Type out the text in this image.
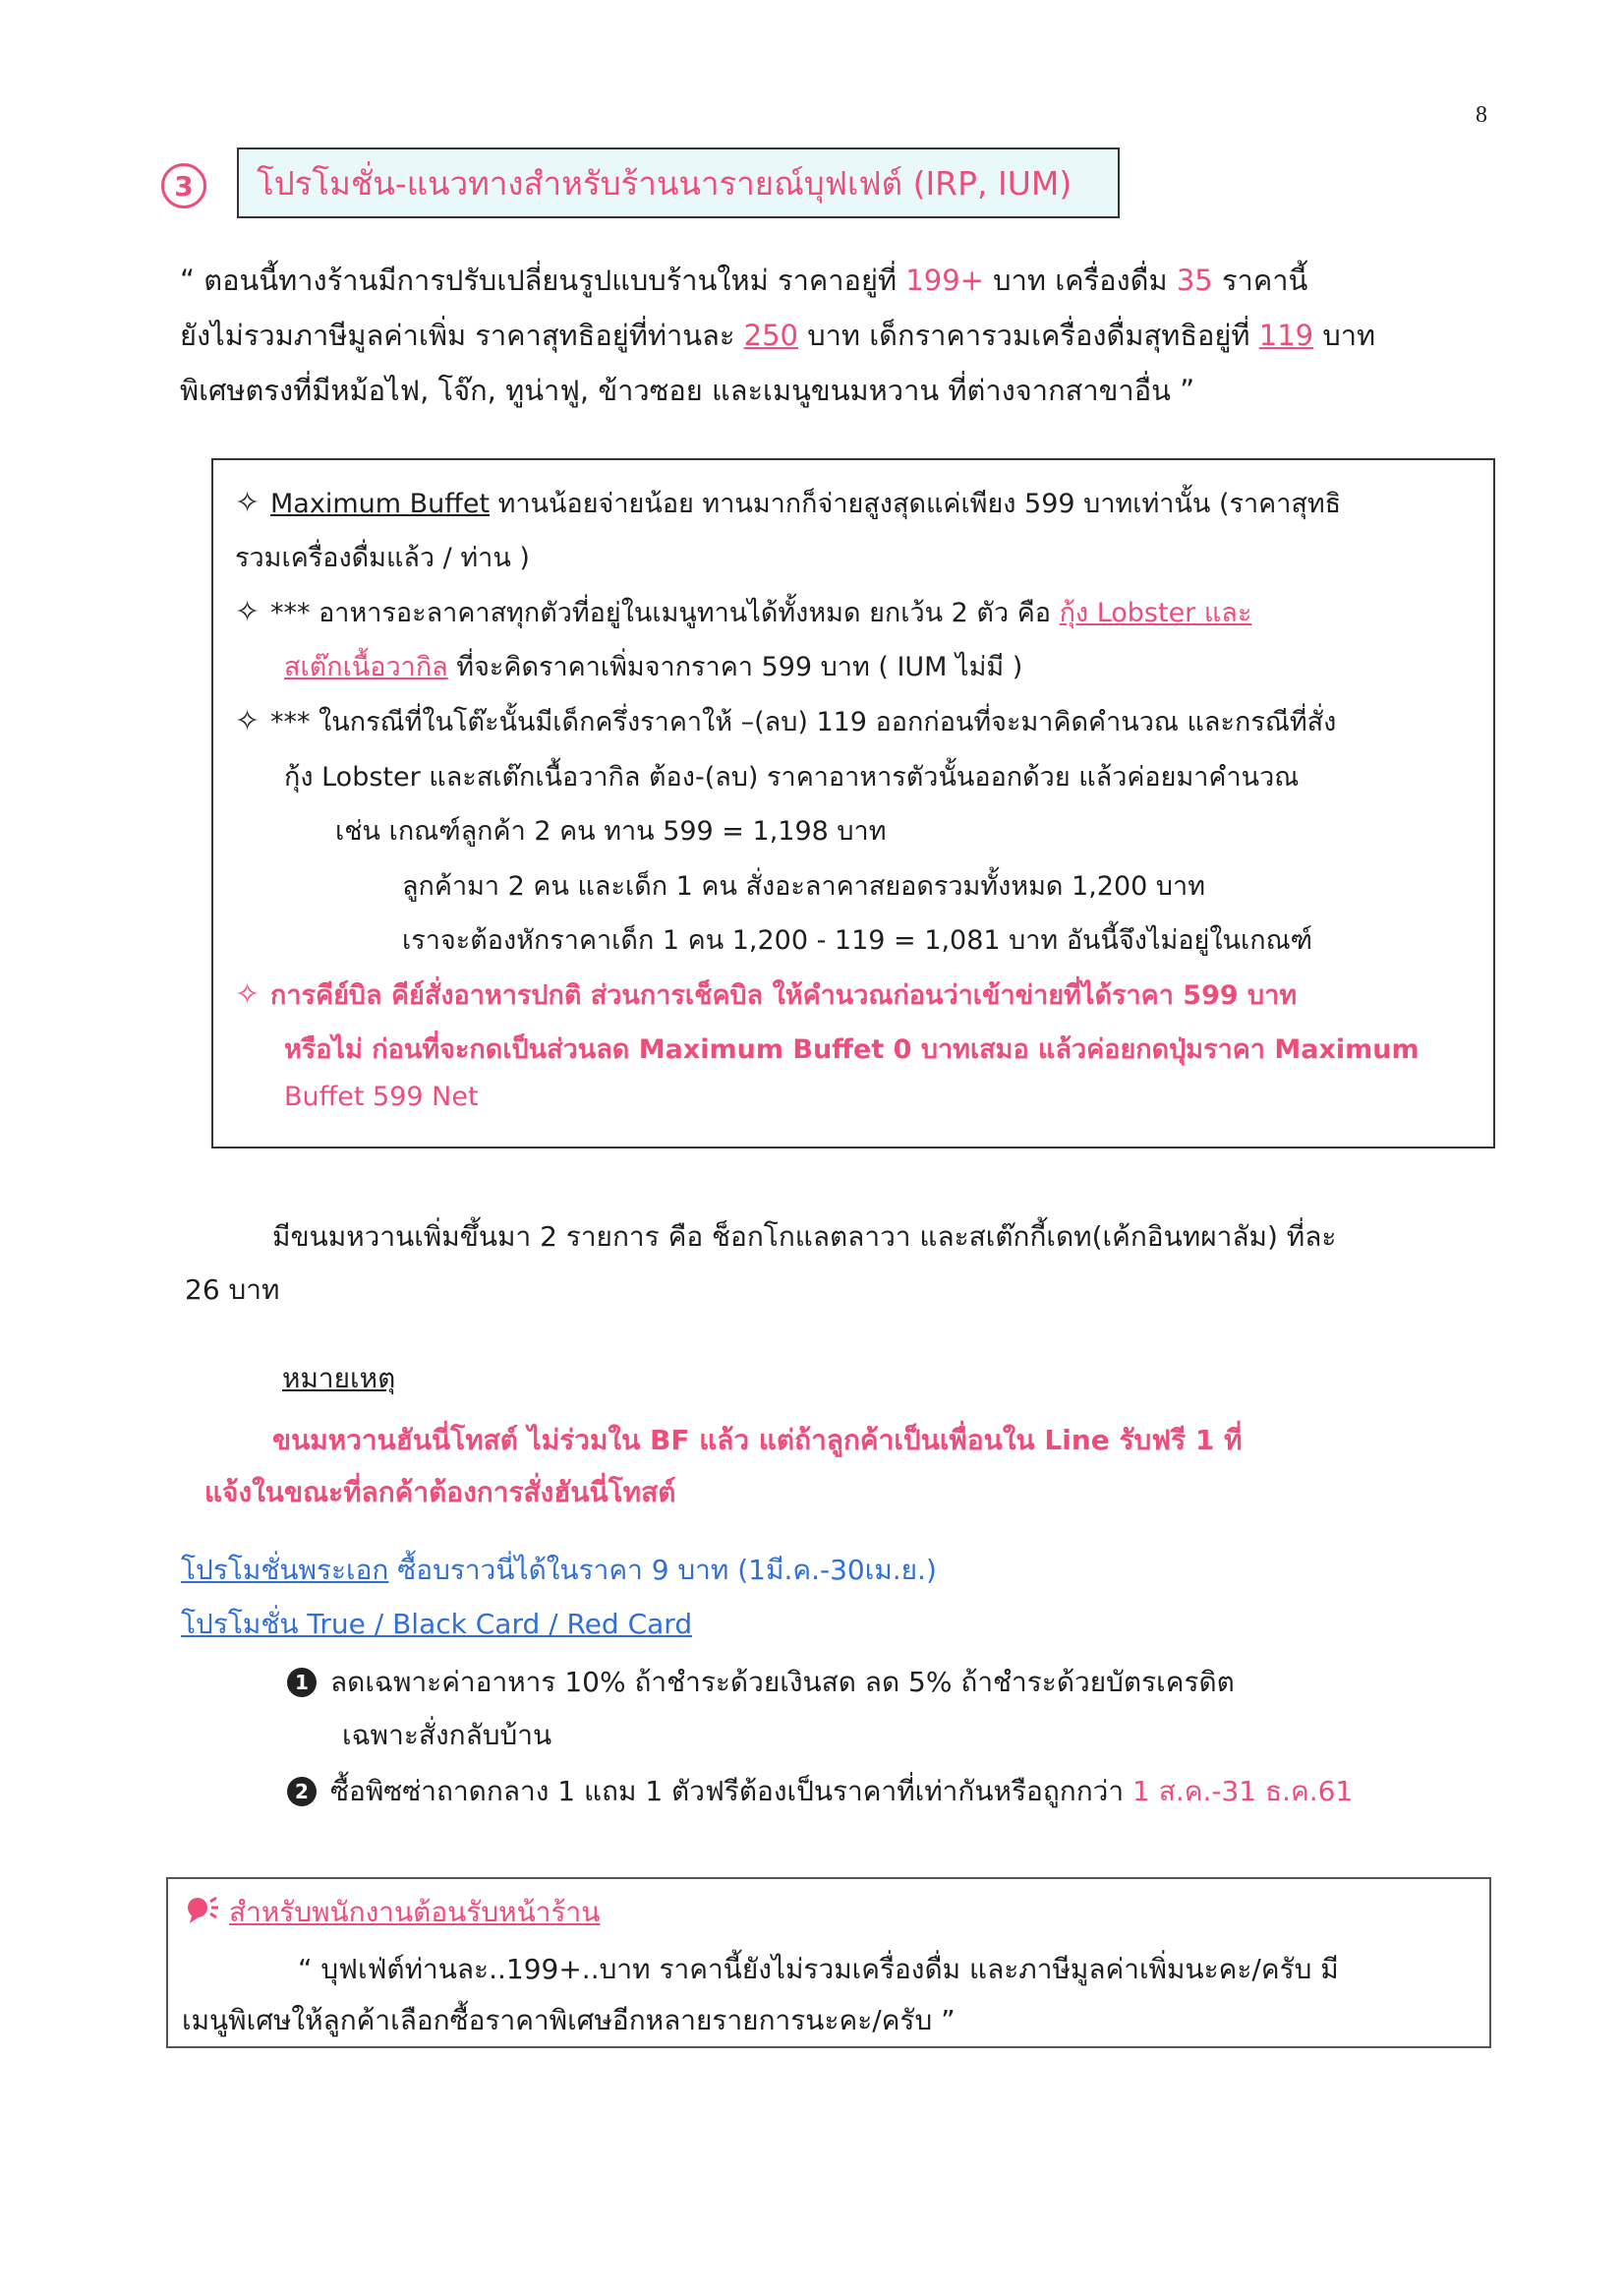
8
3	โปรโมชั่น-แนวทางสำหรับร้านนารายณ์บุฟเฟต์ (IRP, IUM)
“ ตอนนี้ทางร้านมีการปรับเปลี่ยนรูปแบบร้านใหม่ ราคาอยู่ที่ 199+ บาท เครื่องดื่ม 35 ราคานี้
ยังไม่รวมภาษีมูลค่าเพิ่ม ราคาสุทธิอยู่ที่ท่านละ 250 บาท เด็กราคารวมเครื่องดื่มสุทธิอยู่ที่ 119 บาท
พิเศษตรงที่มีหม้อไฟ, โจ๊ก, ทูน่าฟู, ข้าวซอย และเมนูขนมหวาน ที่ต่างจากสาขาอื่น ”
✧ Maximum Buffet ทานน้อยจ่ายน้อย ทานมากก็จ่ายสูงสุดแค่เพียง 599 บาทเท่านั้น (ราคาสุทธิ
รวมเครื่องดื่มแล้ว / ท่าน )
✧ *** อาหารอะลาคาสทุกตัวที่อยู่ในเมนูทานได้ทั้งหมด ยกเว้น 2 ตัว คือ กุ้ง Lobster และ
สเต๊กเนื้อวากิล ที่จะคิดราคาเพิ่มจากราคา 599 บาท ( IUM ไม่มี )
✧ *** ในกรณีที่ในโต๊ะนั้นมีเด็กครึ่งราคาให้ –(ลบ) 119 ออกก่อนที่จะมาคิดคำนวณ และกรณีที่สั่ง
กุ้ง Lobster และสเต๊กเนื้อวากิล ต้อง-(ลบ) ราคาอาหารตัวนั้นออกด้วย แล้วค่อยมาคำนวณ
เช่น เกณฑ์ลูกค้า 2 คน ทาน 599 = 1,198 บาท
ลูกค้ามา 2 คน และเด็ก 1 คน สั่งอะลาคาสยอดรวมทั้งหมด 1,200 บาท
เราจะต้องหักราคาเด็ก 1 คน 1,200 - 119 = 1,081 บาท อันนี้จึงไม่อยู่ในเกณฑ์
✧ การคีย์บิล คีย์สั่งอาหารปกติ ส่วนการเช็คบิล ให้คำนวณก่อนว่าเข้าข่ายที่ได้ราคา 599 บาท
หรือไม่ ก่อนที่จะกดเป็นส่วนลด Maximum Buffet 0 บาทเสมอ แล้วค่อยกดปุ่มราคา Maximum
Buffet 599 Net
มีขนมหวานเพิ่มขึ้นมา 2 รายการ คือ ช็อกโกแลตลาวา และสเต๊กกี้เดท(เค้กอินทผาลัม) ที่ละ
26 บาท
หมายเหตุ
ขนมหวานฮันนี่โทสต์ ไม่ร่วมใน BF แล้ว แต่ถ้าลูกค้าเป็นเพื่อนใน Line รับฟรี 1 ที่
แจ้งในขณะที่ลกค้าต้องการสั่งฮันนี่โทสต์
โปรโมชั่นพระเอก ซื้อบราวนี่ได้ในราคา 9 บาท (1มี.ค.-30เม.ย.)
โปรโมชั่น True / Black Card / Red Card
1 ลดเฉพาะค่าอาหาร 10% ถ้าชำระด้วยเงินสด ลด 5% ถ้าชำระด้วยบัตรเครดิต
เฉพาะสั่งกลับบ้าน
2 ซื้อพิซซ่าถาดกลาง 1 แถม 1 ตัวฟรีต้องเป็นราคาที่เท่ากันหรือถูกกว่า 1 ส.ค.-31 ธ.ค.61
สำหรับพนักงานต้อนรับหน้าร้าน
“ บุฟเฟ่ต์ท่านละ..199+..บาท ราคานี้ยังไม่รวมเครื่องดื่ม และภาษีมูลค่าเพิ่มนะคะ/ครับ มี
เมนูพิเศษให้ลูกค้าเลือกซื้อราคาพิเศษอีกหลายรายการนะคะ/ครับ ”
